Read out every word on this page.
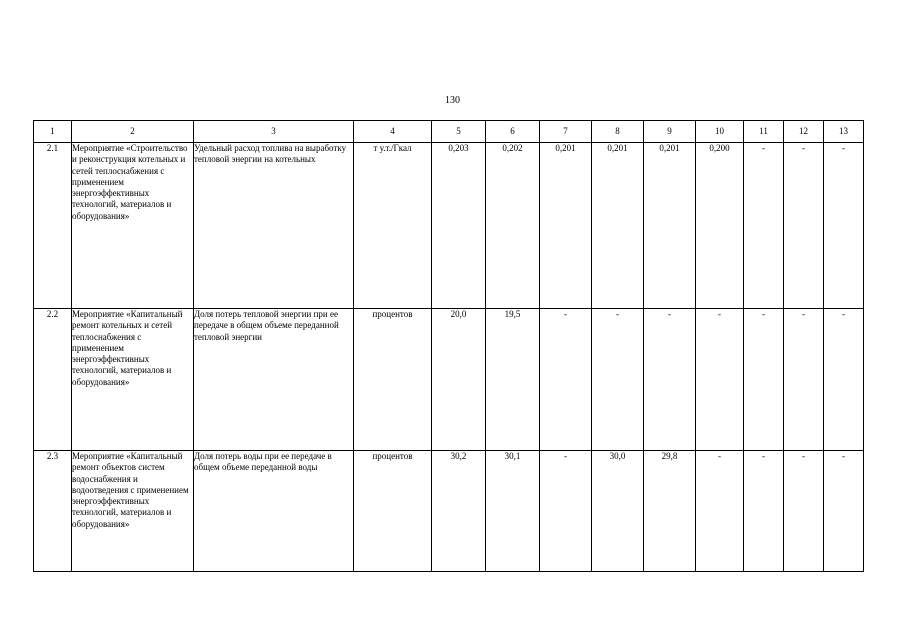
130
1	2	3	4	5	6	7	8	9	10	11	12	13
2.1	Мероприятие «Строительство и реконструкция котельных и сетей теплоснабжения с применением энергоэффективных технологий, материалов и оборудования»	Удельный расход топлива на выработку тепловой энергии на котельных	т у.т./Гкал	0,203	0,202	0,201	0,201	0,201	0,200	-	-	-
2.2	Мероприятие «Капитальный ремонт котельных и сетей теплоснабжения с применением энергоэффективных технологий, материалов и оборудования»	Доля потерь тепловой энергии при ее передаче в общем объеме переданной тепловой энергии	процентов	20,0	19,5	-	-	-	-	-	-	-
2.3	Мероприятие «Капитальный ремонт объектов систем водоснабжения и водоотведения с применением энергоэффективных технологий, материалов и оборудования»	Доля потерь воды при ее передаче в общем объеме переданной воды	процентов	30,2	30,1	-	30,0	29,8	-	-	-	-
